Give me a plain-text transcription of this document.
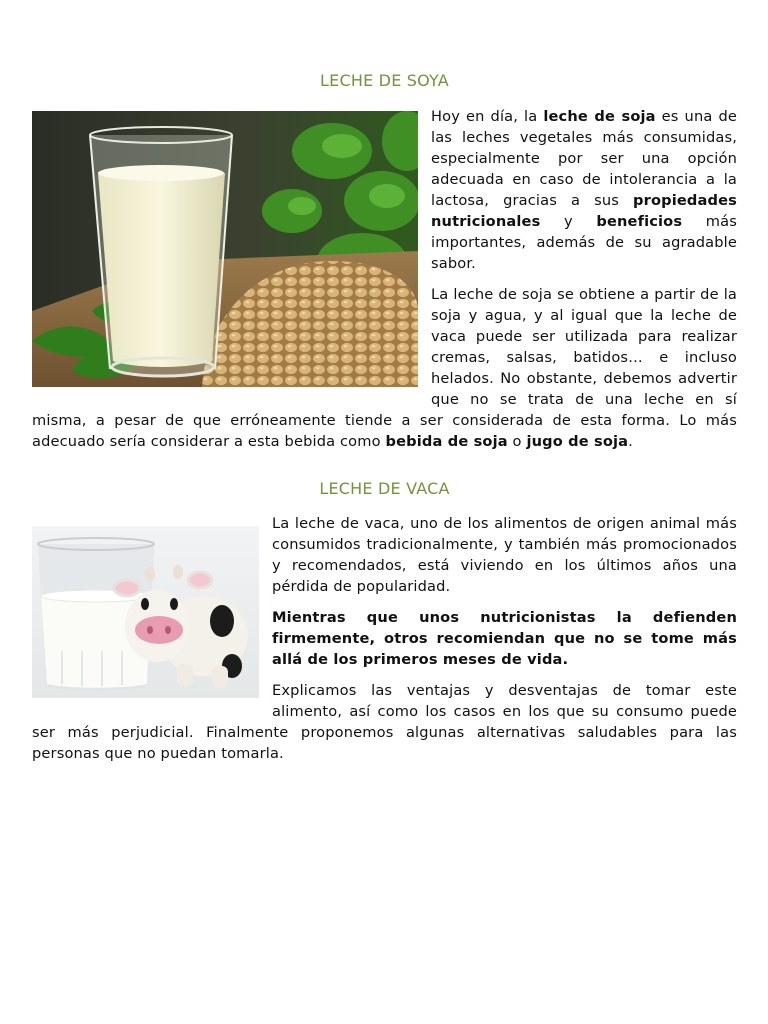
LECHE DE SOYA

Hoy en día, la leche de soja es una de las leches vegetales más consumidas, especialmente por ser una opción adecuada en caso de intolerancia a la lactosa, gracias a sus propiedades nutricionales y beneficios más importantes, además de su agradable sabor.

La leche de soja se obtiene a partir de la soja y agua, y al igual que la leche de vaca puede ser utilizada para realizar cremas, salsas, batidos… e incluso helados. No obstante, debemos advertir que no se trata de una leche en sí misma, a pesar de que erróneamente tiende a ser considerada de esta forma. Lo más adecuado sería considerar a esta bebida como bebida de soja o jugo de soja.

LECHE DE VACA

La leche de vaca, uno de los alimentos de origen animal más consumidos tradicionalmente, y también más promocionados y recomendados, está viviendo en los últimos años una pérdida de popularidad.

Mientras que unos nutricionistas la defienden firmemente, otros recomiendan que no se tome más allá de los primeros meses de vida.

Explicamos las ventajas y desventajas de tomar este alimento, así como los casos en los que su consumo puede ser más perjudicial. Finalmente proponemos algunas alternativas saludables para las personas que no puedan tomarla.
